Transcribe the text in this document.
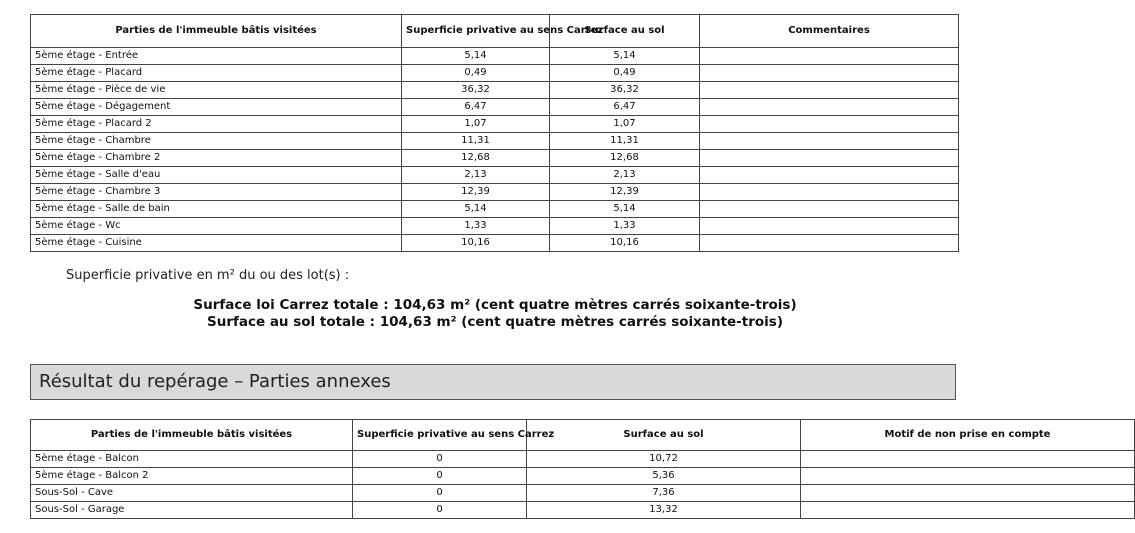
Parties de l'immeuble bâtis visitées	Superficie privative au sens Carrez	Surface au sol	Commentaires
5ème étage - Entrée	5,14	5,14	
5ème étage - Placard	0,49	0,49	
5ème étage - Pièce de vie	36,32	36,32	
5ème étage - Dégagement	6,47	6,47	
5ème étage - Placard 2	1,07	1,07	
5ème étage - Chambre	11,31	11,31	
5ème étage - Chambre 2	12,68	12,68	
5ème étage - Salle d'eau	2,13	2,13	
5ème étage - Chambre 3	12,39	12,39	
5ème étage - Salle de bain	5,14	5,14	
5ème étage - Wc	1,33	1,33	
5ème étage - Cuisine	10,16	10,16	
Superficie privative en m² du ou des lot(s) :
Surface loi Carrez totale : 104,63 m² (cent quatre mètres carrés soixante-trois)
Surface au sol totale : 104,63 m² (cent quatre mètres carrés soixante-trois)
Résultat du repérage – Parties annexes
Parties de l'immeuble bâtis visitées	Superficie privative au sens Carrez	Surface au sol	Motif de non prise en compte
5ème étage - Balcon	0	10,72	
5ème étage - Balcon 2	0	5,36	
Sous-Sol - Cave	0	7,36	
Sous-Sol - Garage	0	13,32	
